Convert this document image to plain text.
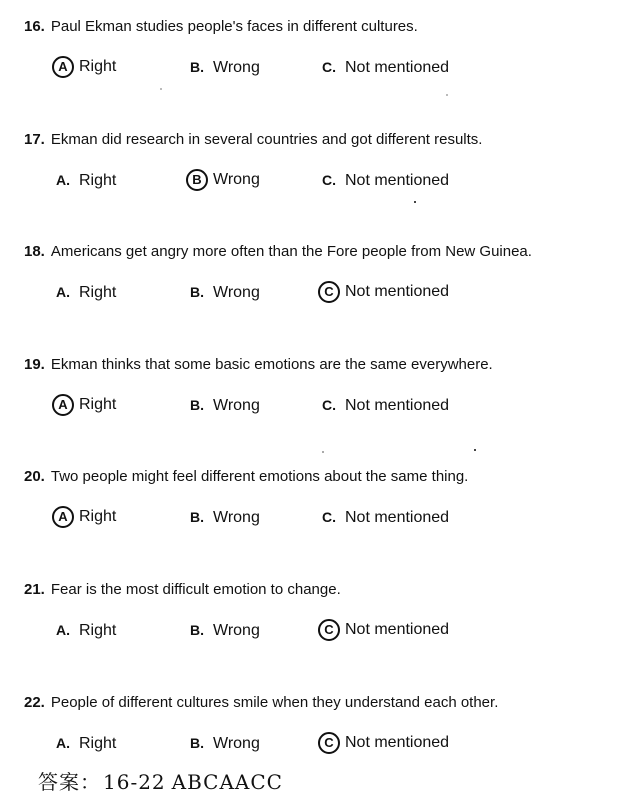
16. Paul Ekman studies people's faces in different cultures.
A Right	B . Wrong	C . Not mentioned
17. Ekman did research in several countries and got different results.
A . Right	B Wrong	C . Not mentioned
18. Americans get angry more often than the Fore people from New Guinea.
A . Right	B . Wrong	C Not mentioned
19. Ekman thinks that some basic emotions are the same everywhere.
A Right	B . Wrong	C . Not mentioned
20. Two people might feel different emotions about the same thing.
A Right	B . Wrong	C . Not mentioned
21. Fear is the most difficult emotion to change.
A . Right	B . Wrong	C Not mentioned
22. People of different cultures smile when they understand each other.
A . Right	B . Wrong	C Not mentioned
答案： 16-22 ABCAACC
